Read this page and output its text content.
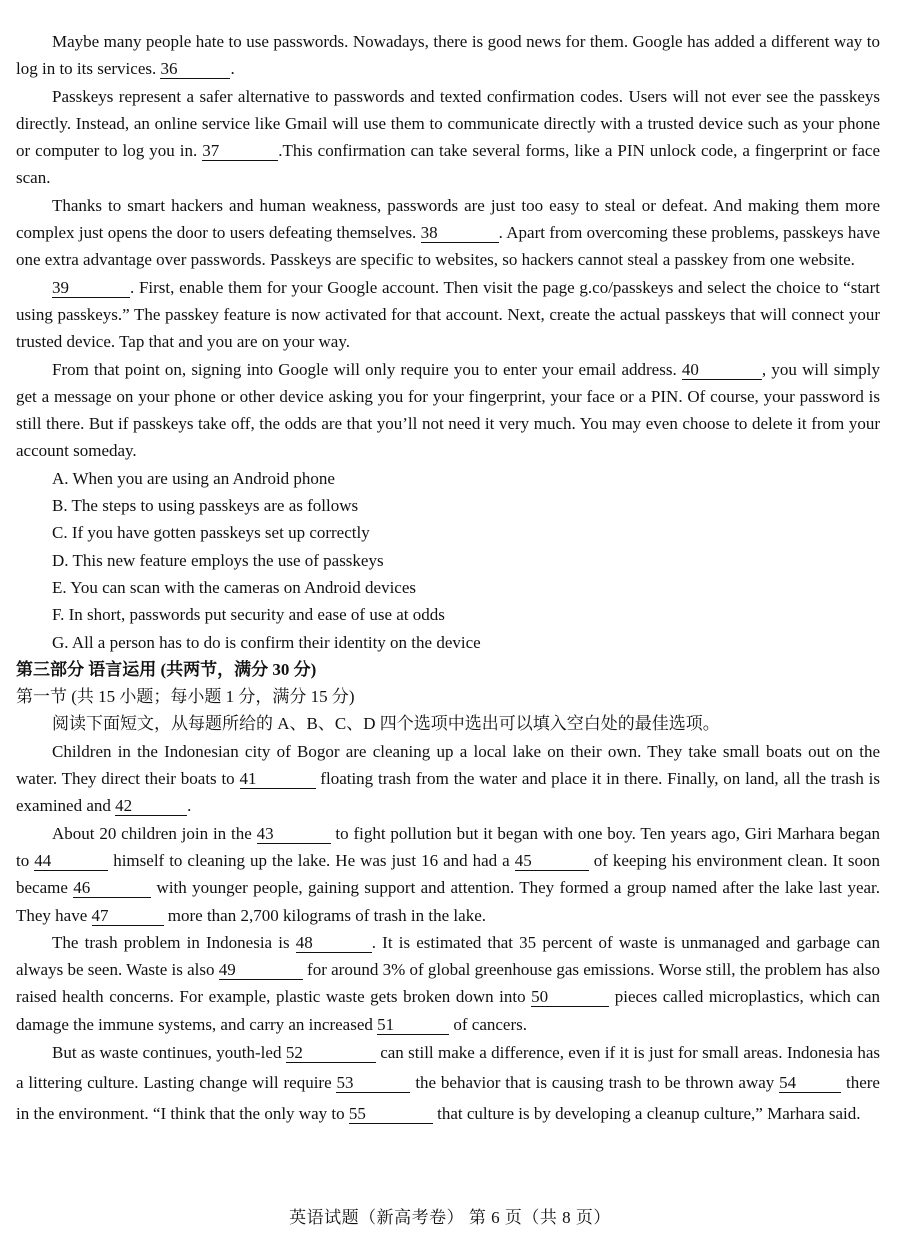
Maybe many people hate to use passwords. Nowadays, there is good news for them. Google has added a different way to log in to its services. 36	.

Passkeys represent a safer alternative to passwords and texted confirmation codes. Users will not ever see the passkeys directly. Instead, an online service like Gmail will use them to communicate directly with a trusted device such as your phone or computer to log you in. 37	.This confirmation can take several forms, like a PIN unlock code, a fingerprint or face scan.

Thanks to smart hackers and human weakness, passwords are just too easy to steal or defeat. And making them more complex just opens the door to users defeating themselves. 38	. Apart from overcoming these problems, passkeys have one extra advantage over passwords. Passkeys are specific to websites, so hackers cannot steal a passkey from one website.

39	. First, enable them for your Google account. Then visit the page g.co/passkeys and select the choice to “start using passkeys.” The passkey feature is now activated for that account. Next, create the actual passkeys that will connect your trusted device. Tap that and you are on your way.

From that point on, signing into Google will only require you to enter your email address. 40	, you will simply get a message on your phone or other device asking you for your fingerprint, your face or a PIN. Of course, your password is still there. But if passkeys take off, the odds are that you’ll not need it very much. You may even choose to delete it from your account someday.

A. When you are using an Android phone
B. The steps to using passkeys are as follows
C. If you have gotten passkeys set up correctly
D. This new feature employs the use of passkeys
E. You can scan with the cameras on Android devices
F. In short, passwords put security and ease of use at odds
G. All a person has to do is confirm their identity on the device

第三部分 语言运用 (共两节，满分 30 分)

第一节 (共 15 小题；每小题 1 分，满分 15 分)

阅读下面短文，从每题所给的 A、B、C、D 四个选项中选出可以填入空白处的最佳选项。

Children in the Indonesian city of Bogor are cleaning up a local lake on their own. They take small boats out on the water. They direct their boats to 41	floating trash from the water and place it in there. Finally, on land, all the trash is examined and 42	.

About 20 children join in the 43	to fight pollution but it began with one boy. Ten years ago, Giri Marhara began to 44	himself to cleaning up the lake. He was just 16 and had a 45	of keeping his environment clean. It soon became 46	with younger people, gaining support and attention. They formed a group named after the lake last year. They have 47	more than 2,700 kilograms of trash in the lake.

The trash problem in Indonesia is 48	. It is estimated that 35 percent of waste is unmanaged and garbage can always be seen. Waste is also 49	for around 3% of global greenhouse gas emissions. Worse still, the problem has also raised health concerns. For example, plastic waste gets broken down into 50	pieces called microplastics, which can damage the immune systems, and carry an increased 51	of cancers.

But as waste continues, youth-led 52	can still make a difference, even if it is just for small areas. Indonesia has a littering culture. Lasting change will require 53	the behavior that is causing trash to be thrown away 54	there in the environment. “I think that the only way to 55	that culture is by developing a cleanup culture,” Marhara said.

英语试题（新高考卷） 第 6 页（共 8 页）
